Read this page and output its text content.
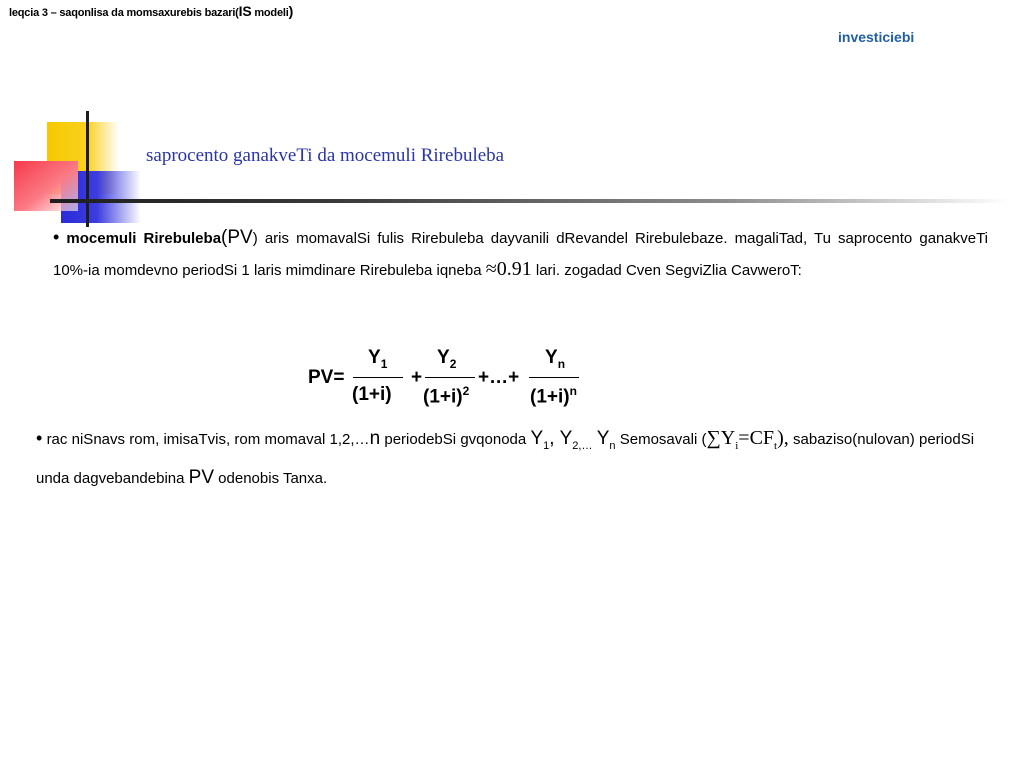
leqcia 3 – saqonlisa da momsaxurebis bazari(IS modeli)
investiciebi
saprocento ganakveTi da mocemuli Rirebuleba
• mocemuli Rirebuleba(PV) aris momavalSi fulis Rirebuleba dayvanili dRevandel Rirebulebaze. magaliTad, Tu saprocento ganakveTi 10%-ia momdevno periodSi 1 laris mimdinare Rirebuleba iqneba ≈0.91 lari. zogadad Cven SegviZlia CavweroT:
PV=
$Y_1$
(1+i)
+
$Y_2$
$(1+i)^2$
+…+
$Y_n$
$(1+i)^n$
• rac niSnavs rom, imisaTvis, rom momaval 1,2,…n periodebSi gvqonoda $Y_1$, $Y_{2,\dots}$ $Y_n$ Semosavali $(\sum Y_i=CF_t)$, sabaziso(nulovan) periodSi unda dagvebandebina PV odenobis Tanxa.
